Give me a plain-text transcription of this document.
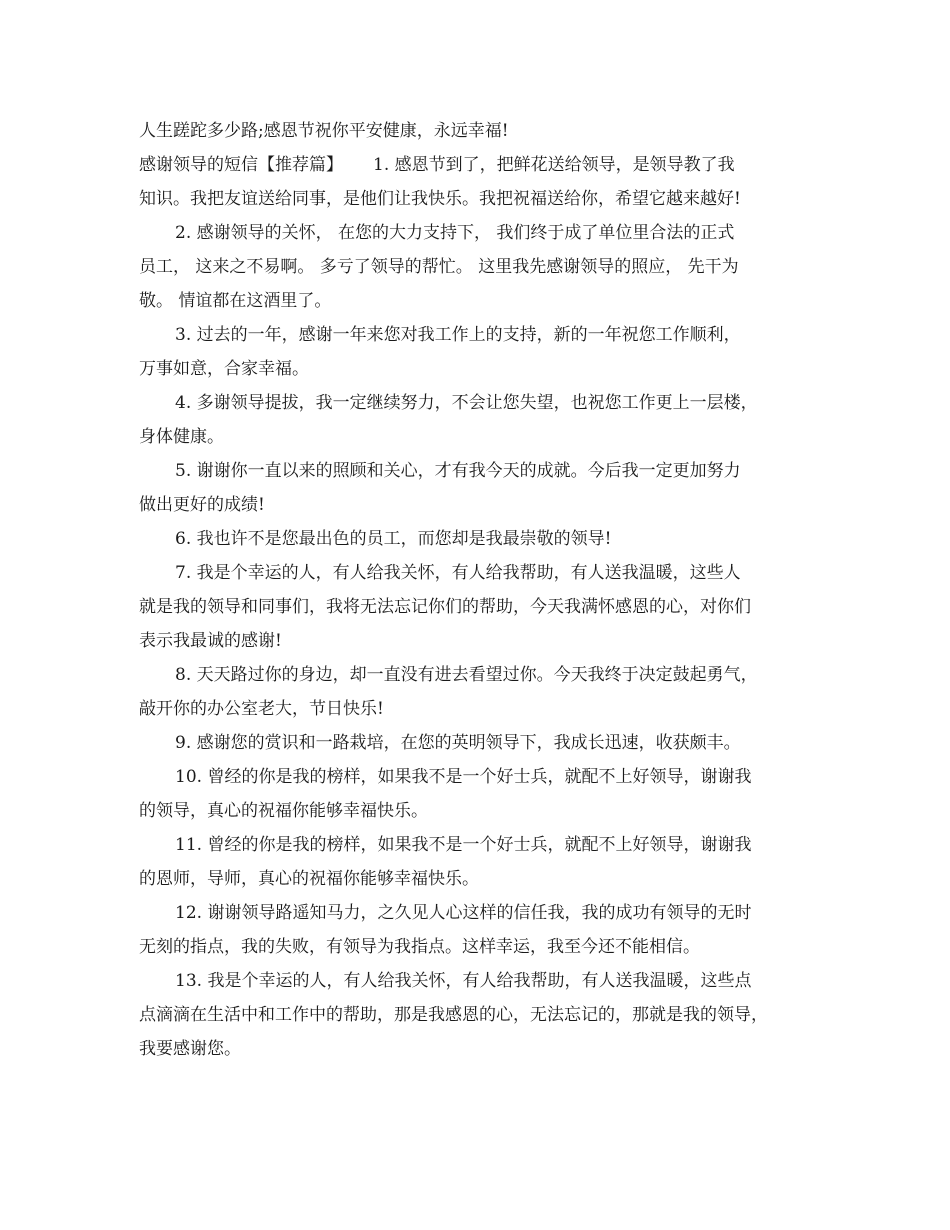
人生蹉跎多少路;感恩节祝你平安健康，永远幸福!
感谢领导的短信【推荐篇】 1. 感恩节到了，把鲜花送给领导，是领导教了我
知识。我把友谊送给同事，是他们让我快乐。我把祝福送给你，希望它越来越好!
2. 感谢领导的关怀， 在您的大力支持下， 我们终于成了单位里合法的正式
员工， 这来之不易啊。 多亏了领导的帮忙。 这里我先感谢领导的照应， 先干为
敬。 情谊都在这酒里了。
3. 过去的一年，感谢一年来您对我工作上的支持，新的一年祝您工作顺利，
万事如意，合家幸福。
4. 多谢领导提拔，我一定继续努力，不会让您失望，也祝您工作更上一层楼，
身体健康。
5. 谢谢你一直以来的照顾和关心，才有我今天的成就。今后我一定更加努力
做出更好的成绩!
6. 我也许不是您最出色的员工，而您却是我最崇敬的领导!
7. 我是个幸运的人，有人给我关怀，有人给我帮助，有人送我温暖，这些人
就是我的领导和同事们，我将无法忘记你们的帮助，今天我满怀感恩的心，对你们
表示我最诚的感谢!
8. 天天路过你的身边，却一直没有进去看望过你。今天我终于决定鼓起勇气，
敲开你的办公室老大，节日快乐!
9. 感谢您的赏识和一路栽培，在您的英明领导下，我成长迅速，收获颇丰。
10. 曾经的你是我的榜样，如果我不是一个好士兵，就配不上好领导，谢谢我
的领导，真心的祝福你能够幸福快乐。
11. 曾经的你是我的榜样，如果我不是一个好士兵，就配不上好领导，谢谢我
的恩师，导师，真心的祝福你能够幸福快乐。
12. 谢谢领导路遥知马力，之久见人心这样的信任我，我的成功有领导的无时
无刻的指点，我的失败，有领导为我指点。这样幸运，我至今还不能相信。
13. 我是个幸运的人，有人给我关怀，有人给我帮助，有人送我温暖，这些点
点滴滴在生活中和工作中的帮助，那是我感恩的心，无法忘记的，那就是我的领导，
我要感谢您。
